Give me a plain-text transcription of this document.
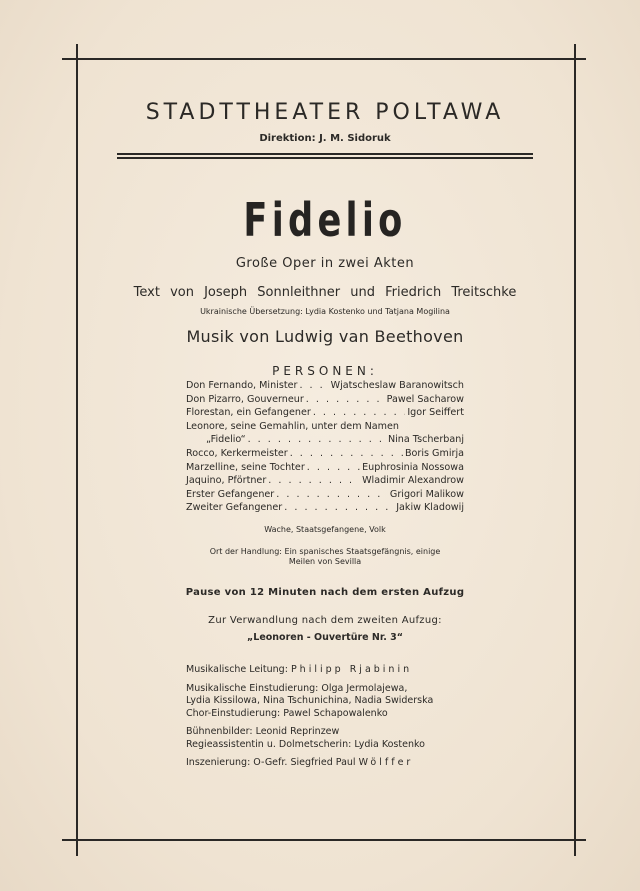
STADTTHEATER POLTAWA
Direktion: J. M. Sidoruk
Fidelio
Große Oper in zwei Akten
Text von Joseph Sonnleithner und Friedrich Treitschke
Ukrainische Übersetzung: Lydia Kostenko und Tatjana Mogilina
Musik von Ludwig van Beethoven
PERSONEN:
Don Fernando, Minister . . .	Wjatscheslaw Baranowitsch
Don Pizarro, Gouverneur . . .	Pawel Sacharow
Florestan, ein Gefangener . . .	Igor Seiffert
Leonore, seine Gemahlin, unter dem Namen
„Fidelio“ . . .	Nina Tscherbanj
Rocco, Kerkermeister . . .	Boris Gmirja
Marzelline, seine Tochter . . .	Euphrosinia Nossowa
Jaquino, Pförtner . . .	Wladimir Alexandrow
Erster Gefangener . . .	Grigori Malikow
Zweiter Gefangener . . .	Jakiw Kladowij
Wache, Staatsgefangene, Volk
Ort der Handlung: Ein spanisches Staatsgefängnis, einige
Meilen von Sevilla
Pause von 12 Minuten nach dem ersten Aufzug
Zur Verwandlung nach dem zweiten Aufzug:
„Leonoren - Ouvertüre Nr. 3“

Musikalische Leitung: Philipp Rjabinin

Musikalische Einstudierung: Olga Jermolajewa,

Lydia Kissilowa, Nina Tschunichina, Nadia Swiderska

Chor-Einstudierung: Pawel Schapowalenko

Bühnenbilder: Leonid Reprinzew

Regieassistentin u. Dolmetscherin: Lydia Kostenko

Inszenierung: O-Gefr. Siegfried Paul Wölffer
